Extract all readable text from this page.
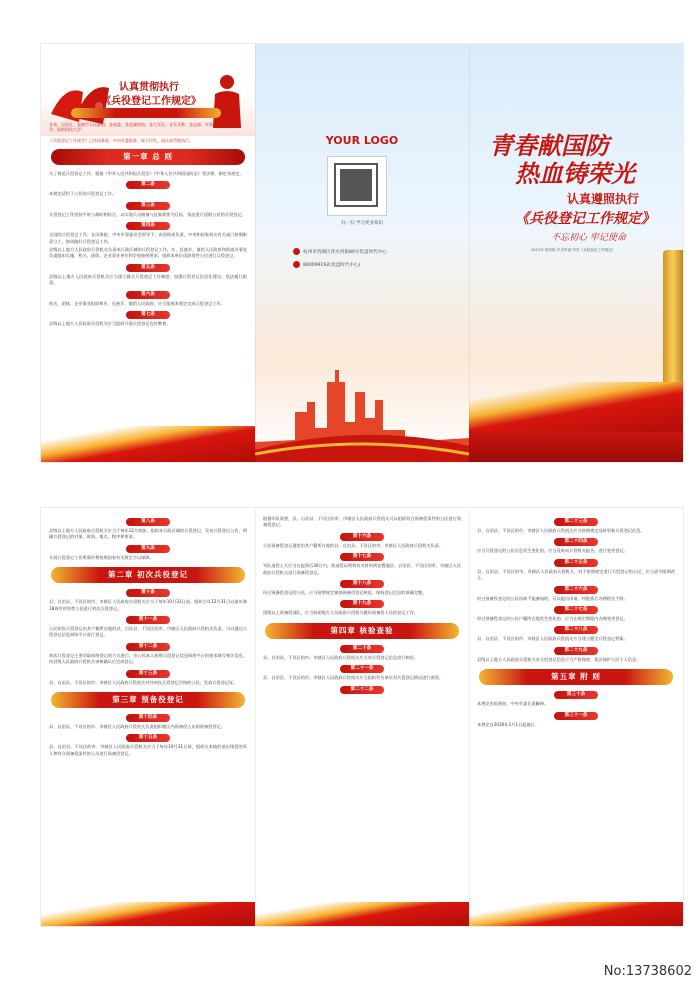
认真贯彻执行
《兵役登记工作规定》
各省、自治区、直辖市人民政府，各部委、各直属机构，各大军区、各军兵种、各总部、军事科学院、国防大学、国防科技大学：
《兵役登记工作规定》已经国务院、中央军委批准，现予印发，请认真贯彻执行。
第一章 总 则

为了规范兵役登记工作，根据《中华人民共和国兵役法》《中华人民共和国国防法》等法律，制定本规定。

第二条

本规定适用于公民的兵役登记工作。

第三条

兵役登记工作坚持平时与战时相结合，以实现兵员储备与征集需要为目标，依法进行适龄公民的兵役登记。

第四条

全国的兵役登记工作，在国务院、中央军事委员会领导下，由国防部负责，中央和国家机关有关部门按照职责分工，协同做好兵役登记工作。

县级以上地方人民政府兵役机关负责本行政区域的兵役登记工作，乡、民族乡、镇的人民政府和街道办事处负责组织实施，机关、团体、企业事业单位和学校按照要求，组织本单位适龄男性公民进行兵役登记。

第五条

县级以上地方人民政府兵役机关应当建立健全兵役登记工作制度，加强兵役登记信息化建设，依法履行职责。

第六条

机关、团体、企业事业组织和乡、民族乡、镇的人民政府，应当依照本规定完成兵役登记工作。

第七条

县级以上地方人民政府兵役机关应当组织开展兵役登记宣传教育。

YOUR LOGO
扫一扫 学习更多知识
杭州市西湖区萍水西街80号优盘时代中心
800099192(优盘时代中心)
青春献国防
热血铸荣光
认真遵照执行
《兵役登记工作规定》
不忘初心 牢记使命
2021年 国务院 中央军委 印发《兵役登记工作规定》
第八条

县级以上地方人民政府兵役机关应当于每年12月底前，组织本行政区域的兵役登记，发布兵役登记公告，明确兵役登记的对象、时间、地点、程序和要求。

第九条

开展兵役登记工作所需经费按照国家有关规定予以保障。

第二章 初次兵役登记
第十条

县、自治县、不设区的市、市辖区人民政府兵役机关应当于每年10月31日前，组织当年12月31日以前年满18周岁的男性公民进行初次兵役登记。

第十一条

公民初次兵役登记由其户籍所在地的县、自治县、不设区的市、市辖区人民政府兵役机关负责，可以通过兵役登记信息网络平台进行登记。

第十二条

初次兵役登记主要采取网络登记的方式进行，由公民本人按照兵役登记信息网络平台的要求填写相关信息，经县级人民政府兵役机关审核确认后完成登记。

第十三条

县、自治县、不设区的市、市辖区人民政府兵役机关对经初次兵役登记合格的公民，发放兵役登记证。

第三章 预备役登记
第十四条

县、自治县、不设区的市、市辖区人民政府兵役机关负责组织辖区内预备役人员的预备役登记。

第十五条

县、自治县、不设区的市、市辖区人民政府兵役机关应当于每年10月31日前，组织在本地的退出现役的军人和符合预备役条件的人员进行预备役登记。

根据军队需要，县、自治县、不设区的市、市辖区人民政府兵役机关可以组织符合预备役条件的公民进行预备役登记。

第十六条

公民预备役登记通常由其户籍所在地的县、自治县、不设区的市、市辖区人民政府兵役机关负责。

第十七条

军队退役士兵应当在报到后30日内，持退役证明和有关材料到安置地县、自治县、不设区的市、市辖区人民政府兵役机关进行预备役登记。

第十八条

经过预备役登记的公民，应当按照规定参加预备役登记核验，保持登记信息的准确完整。

第十九条

团级以上预备役部队，应当协助地方人民政府兵役机关做好预备役人员的登记工作。

第四章 核验查验
第二十条

县、自治县、不设区的市、市辖区人民政府兵役机关应当对兵役登记信息进行核验。

第二十一条

县、自治县、不设区的市、市辖区人民政府兵役机关应当组织有关单位对兵役登记情况进行查验。

第二十二条
第二十三条

县、自治县、不设区的市、市辖区人民政府兵役机关应当按照规定及时更新兵役登记信息。

第二十四条

应当兵役登记的公民信息发生变化的，应当及时向兵役机关报告，进行变更登记。

第二十五条

县、自治县、不设区的市、市辖区人民政府兵役机关，对不按照规定进行兵役登记的公民，应当责令限期改正。

第二十六条

经过预备役登记的公民因故不能参加的，可以提出申请，经批准后办理相关手续。

第二十七条

经过预备役登记的公民户籍所在地发生变化的，应当在规定期限内办理变更登记。

第二十八条

县、自治县、不设区的市、市辖区人民政府兵役机关应当建立健全兵役登记档案。

第二十九条

县级以上地方人民政府兵役机关对兵役登记信息应当严格保密，依法保护公民个人信息。

第五章 附 则
第三十条

本规定由国务院、中央军委负责解释。

第三十一条

本规定自2026年1月1日起施行。

No:13738602
